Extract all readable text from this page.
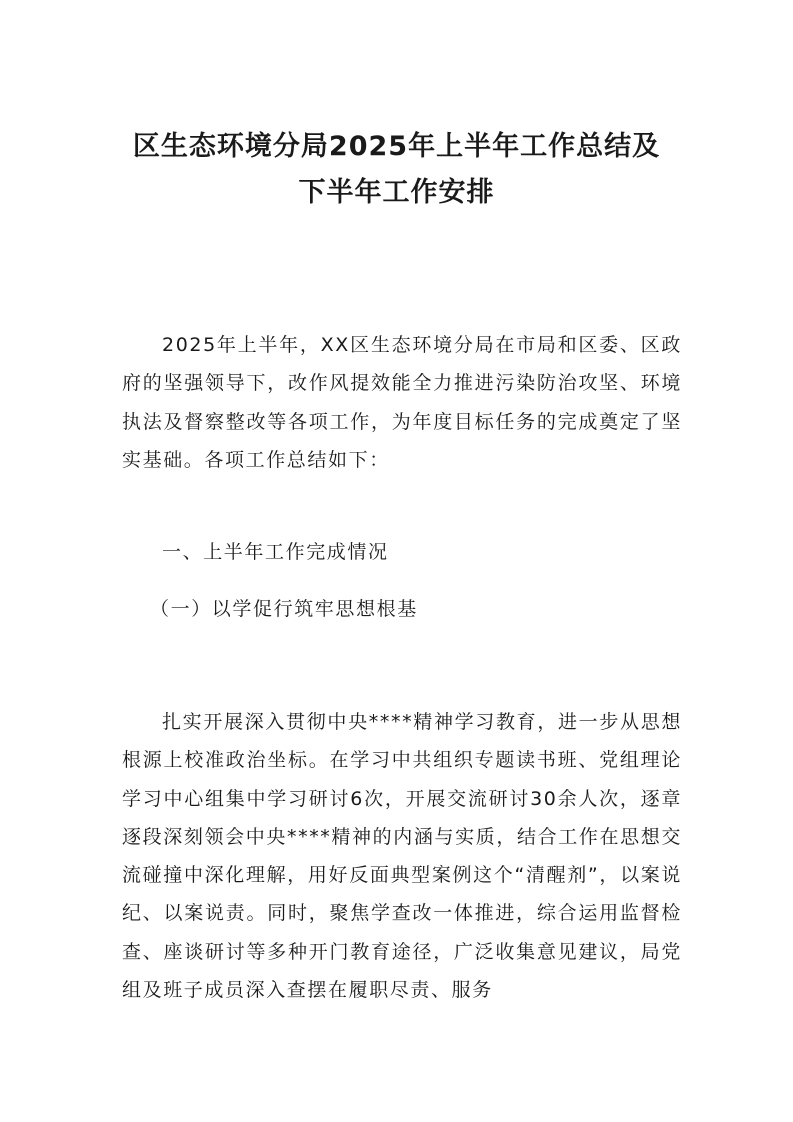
区生态环境分局2025年上半年工作总结及
下半年工作安排
2025年上半年，XX区生态环境分局在市局和区委、区政府的坚强领导下，改作风提效能全力推进污染防治攻坚、环境执法及督察整改等各项工作，为年度目标任务的完成奠定了坚实基础。各项工作总结如下：
一、上半年工作完成情况
（一）以学促行筑牢思想根基
扎实开展深入贯彻中央****精神学习教育，进一步从思想根源上校准政治坐标。在学习中共组织专题读书班、党组理论学习中心组集中学习研讨6次，开展交流研讨30余人次，逐章逐段深刻领会中央****精神的内涵与实质，结合工作在思想交流碰撞中深化理解，用好反面典型案例这个“清醒剂”，以案说纪、以案说责。同时，聚焦学查改一体推进，综合运用监督检查、座谈研讨等多种开门教育途径，广泛收集意见建议，局党组及班子成员深入查摆在履职尽责、服务
